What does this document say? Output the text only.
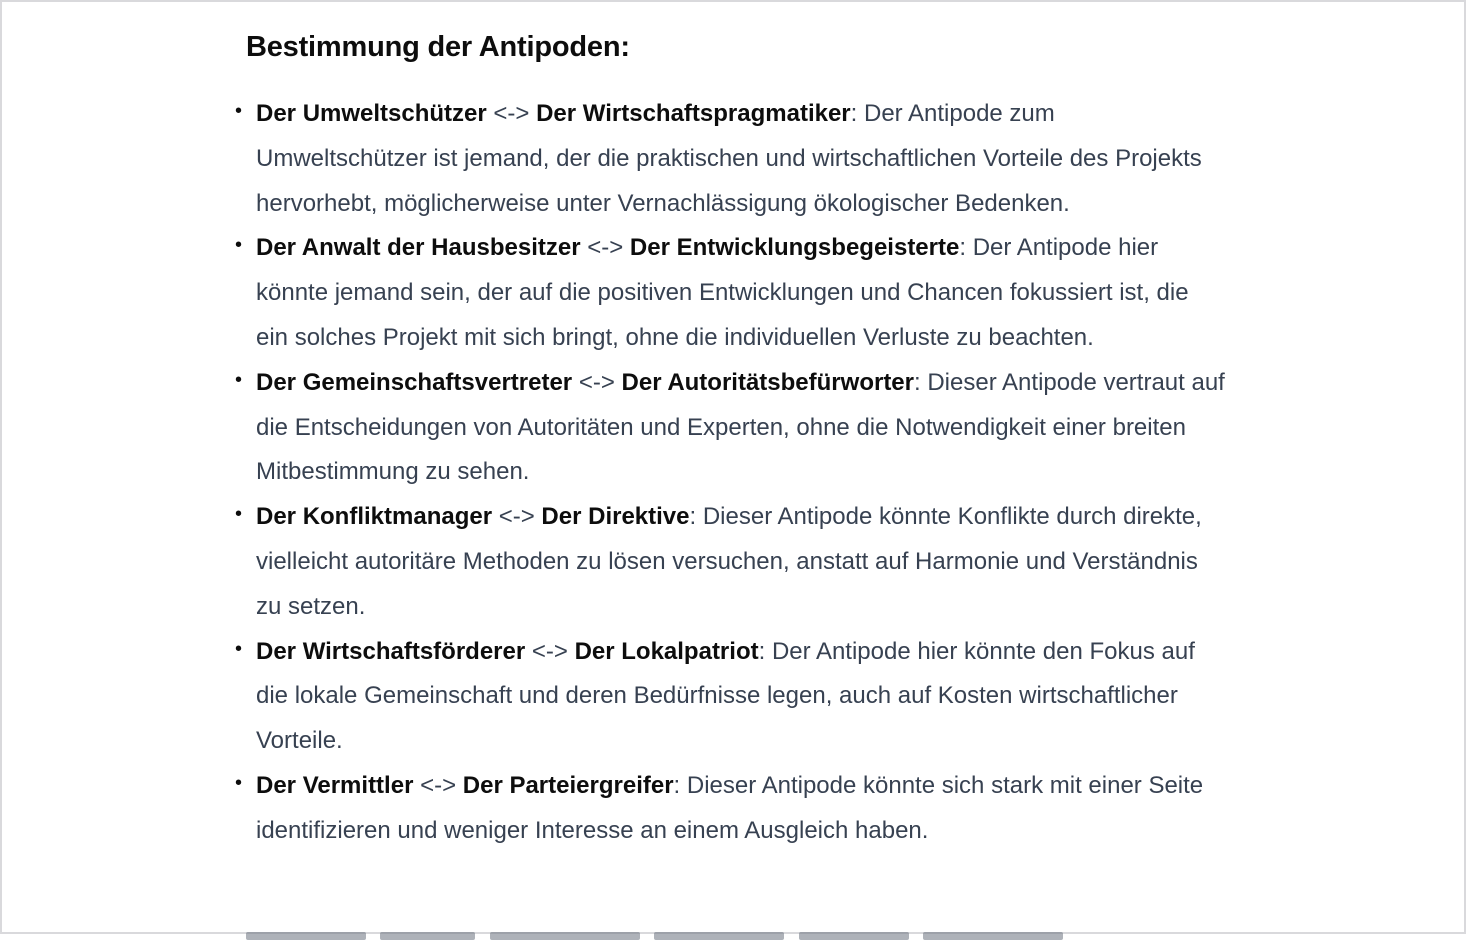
Bestimmung der Antipoden:
• Der Umweltschützer <-> Der Wirtschaftspragmatiker: Der Antipode zum Umweltschützer ist jemand, der die praktischen und wirtschaftlichen Vorteile des Projekts hervorhebt, möglicherweise unter Vernachlässigung ökologischer Bedenken.
• Der Anwalt der Hausbesitzer <-> Der Entwicklungsbegeisterte: Der Antipode hier könnte jemand sein, der auf die positiven Entwicklungen und Chancen fokussiert ist, die ein solches Projekt mit sich bringt, ohne die individuellen Verluste zu beachten.
• Der Gemeinschaftsvertreter <-> Der Autoritätsbefürworter: Dieser Antipode vertraut auf die Entscheidungen von Autoritäten und Experten, ohne die Notwendigkeit einer breiten Mitbestimmung zu sehen.
• Der Konfliktmanager <-> Der Direktive: Dieser Antipode könnte Konflikte durch direkte, vielleicht autoritäre Methoden zu lösen versuchen, anstatt auf Harmonie und Verständnis zu setzen.
• Der Wirtschaftsförderer <-> Der Lokalpatriot: Der Antipode hier könnte den Fokus auf die lokale Gemeinschaft und deren Bedürfnisse legen, auch auf Kosten wirtschaftlicher Vorteile.
• Der Vermittler <-> Der Parteiergreifer: Dieser Antipode könnte sich stark mit einer Seite identifizieren und weniger Interesse an einem Ausgleich haben.
